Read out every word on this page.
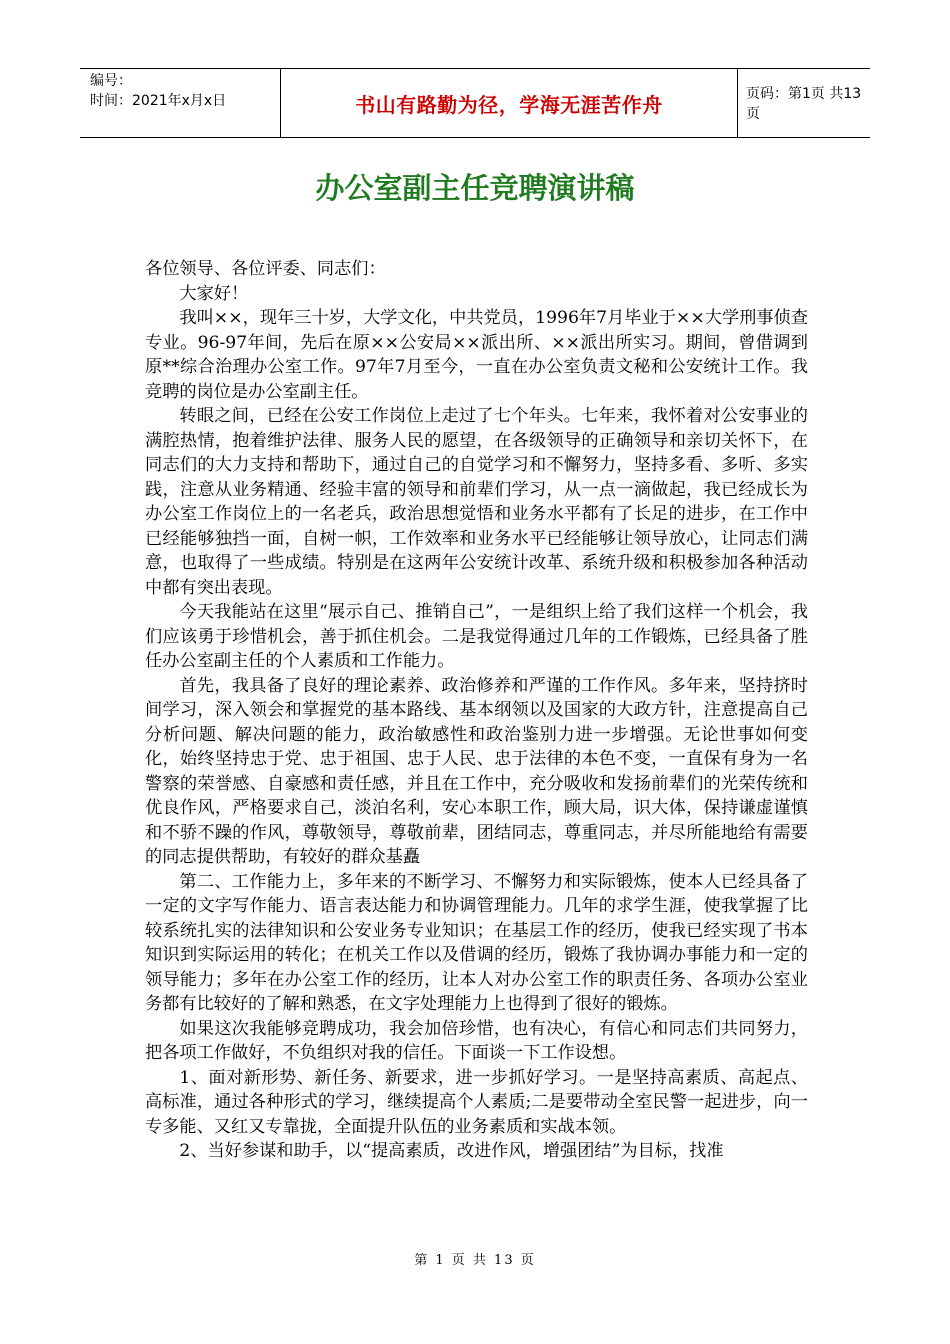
编号：
时间：2021年x月x日	书山有路勤为径，学海无涯苦作舟	页码：第1页 共13页
办公室副主任竞聘演讲稿

各位领导、各位评委、同志们：

大家好！

我叫××，现年三十岁，大学文化，中共党员，1996年7月毕业于××大学刑事侦查专业。96-97年间，先后在原××公安局××派出所、××派出所实习。期间，曾借调到原**综合治理办公室工作。97年7月至今，一直在办公室负责文秘和公安统计工作。我竞聘的岗位是办公室副主任。

转眼之间，已经在公安工作岗位上走过了七个年头。七年来，我怀着对公安事业的满腔热情，抱着维护法律、服务人民的愿望，在各级领导的正确领导和亲切关怀下，在同志们的大力支持和帮助下，通过自己的自觉学习和不懈努力，坚持多看、多听、多实践，注意从业务精通、经验丰富的领导和前辈们学习，从一点一滴做起，我已经成长为办公室工作岗位上的一名老兵，政治思想觉悟和业务水平都有了长足的进步，在工作中已经能够独挡一面，自树一帜，工作效率和业务水平已经能够让领导放心，让同志们满意，也取得了一些成绩。特别是在这两年公安统计改革、系统升级和积极参加各种活动中都有突出表现。

今天我能站在这里“展示自己、推销自己”，一是组织上给了我们这样一个机会，我们应该勇于珍惜机会，善于抓住机会。二是我觉得通过几年的工作锻炼，已经具备了胜任办公室副主任的个人素质和工作能力。

首先，我具备了良好的理论素养、政治修养和严谨的工作作风。多年来，坚持挤时间学习，深入领会和掌握党的基本路线、基本纲领以及国家的大政方针，注意提高自己分析问题、解决问题的能力，政治敏感性和政治鉴别力进一步增强。无论世事如何变化，始终坚持忠于党、忠于祖国、忠于人民、忠于法律的本色不变，一直保有身为一名警察的荣誉感、自豪感和责任感，并且在工作中，充分吸收和发扬前辈们的光荣传统和优良作风，严格要求自己，淡泊名利，安心本职工作，顾大局，识大体，保持谦虚谨慎和不骄不躁的作风，尊敬领导，尊敬前辈，团结同志，尊重同志，并尽所能地给有需要的同志提供帮助，有较好的群众基矗

第二、工作能力上，多年来的不断学习、不懈努力和实际锻炼，使本人已经具备了一定的文字写作能力、语言表达能力和协调管理能力。几年的求学生涯，使我掌握了比较系统扎实的法律知识和公安业务专业知识；在基层工作的经历，使我已经实现了书本知识到实际运用的转化；在机关工作以及借调的经历，锻炼了我协调办事能力和一定的领导能力；多年在办公室工作的经历，让本人对办公室工作的职责任务、各项办公室业务都有比较好的了解和熟悉，在文字处理能力上也得到了很好的锻炼。

如果这次我能够竞聘成功，我会加倍珍惜，也有决心，有信心和同志们共同努力，把各项工作做好，不负组织对我的信任。下面谈一下工作设想。

1、面对新形势、新任务、新要求，进一步抓好学习。一是坚持高素质、高起点、高标准，通过各种形式的学习，继续提高个人素质;二是要带动全室民警一起进步，向一专多能、又红又专靠拢，全面提升队伍的业务素质和实战本领。

2、当好参谋和助手，以“提高素质，改进作风，增强团结”为目标，找准

第 1 页 共 13 页
